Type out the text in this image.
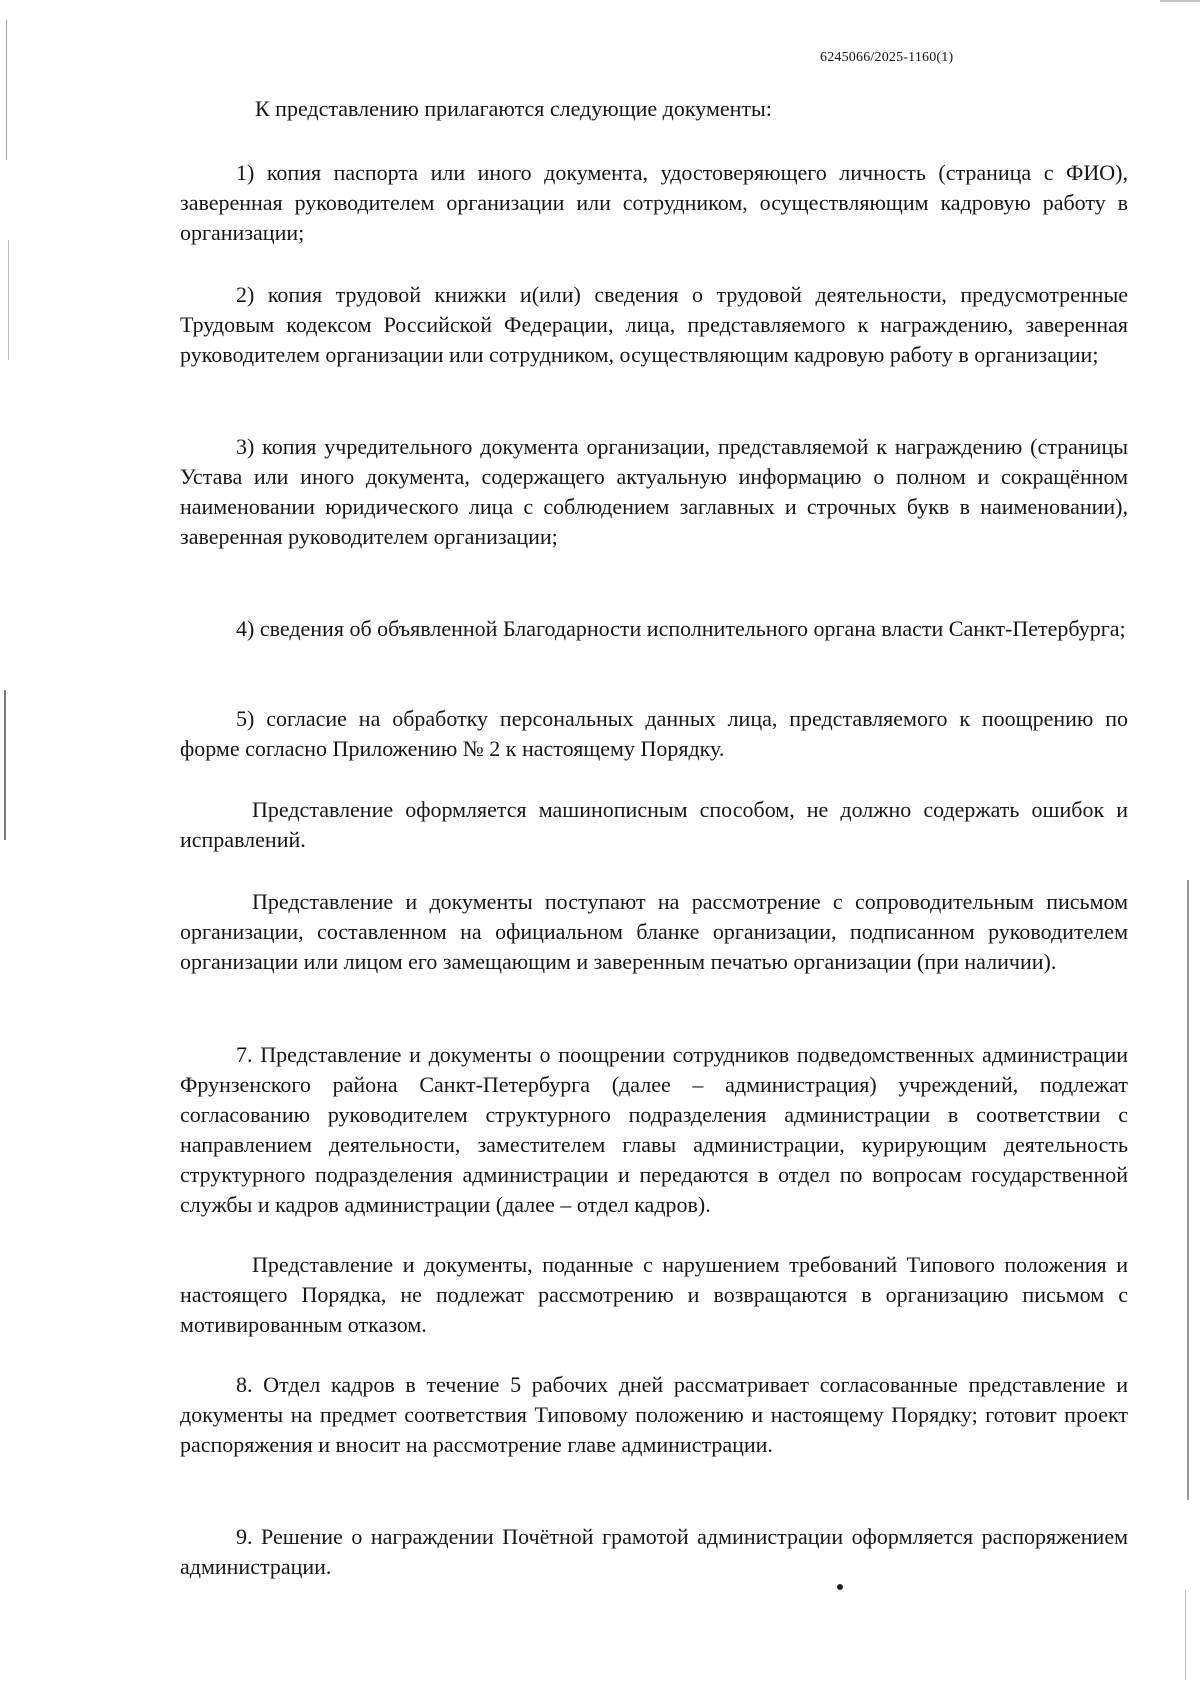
6245066/2025-1160(1)
К представлению прилагаются следующие документы:
1) копия паспорта или иного документа, удостоверяющего личность (страница с ФИО), заверенная руководителем организации или сотрудником, осуществляющим кадровую работу в организации;
2) копия трудовой книжки и(или) сведения о трудовой деятельности, предусмотренные Трудовым кодексом Российской Федерации, лица, представляемого к награждению, заверенная руководителем организации или сотрудником, осуществляющим кадровую работу в организации;
3) копия учредительного документа организации, представляемой к награждению (страницы Устава или иного документа, содержащего актуальную информацию о полном и сокращённом наименовании юридического лица с соблюдением заглавных и строчных букв в наименовании), заверенная руководителем организации;
4) сведения об объявленной Благодарности исполнительного органа власти Санкт-Петербурга;
5) согласие на обработку персональных данных лица, представляемого к поощрению по форме согласно Приложению № 2 к настоящему Порядку.
Представление оформляется машинописным способом, не должно содержать ошибок и исправлений.
Представление и документы поступают на рассмотрение с сопроводительным письмом организации, составленном на официальном бланке организации, подписанном руководителем организации или лицом его замещающим и заверенным печатью организации (при наличии).
7. Представление и документы о поощрении сотрудников подведомственных администрации Фрунзенского района Санкт-Петербурга (далее – администрация) учреждений, подлежат согласованию руководителем структурного подразделения администрации в соответствии с направлением деятельности, заместителем главы администрации, курирующим деятельность структурного подразделения администрации и передаются в отдел по вопросам государственной службы и кадров администрации (далее – отдел кадров).
Представление и документы, поданные с нарушением требований Типового положения и настоящего Порядка, не подлежат рассмотрению и возвращаются в организацию письмом с мотивированным отказом.
8. Отдел кадров в течение 5 рабочих дней рассматривает согласованные представление и документы на предмет соответствия Типовому положению и настоящему Порядку; готовит проект распоряжения и вносит на рассмотрение главе администрации.
9. Решение о награждении Почётной грамотой администрации оформляется распоряжением администрации.
